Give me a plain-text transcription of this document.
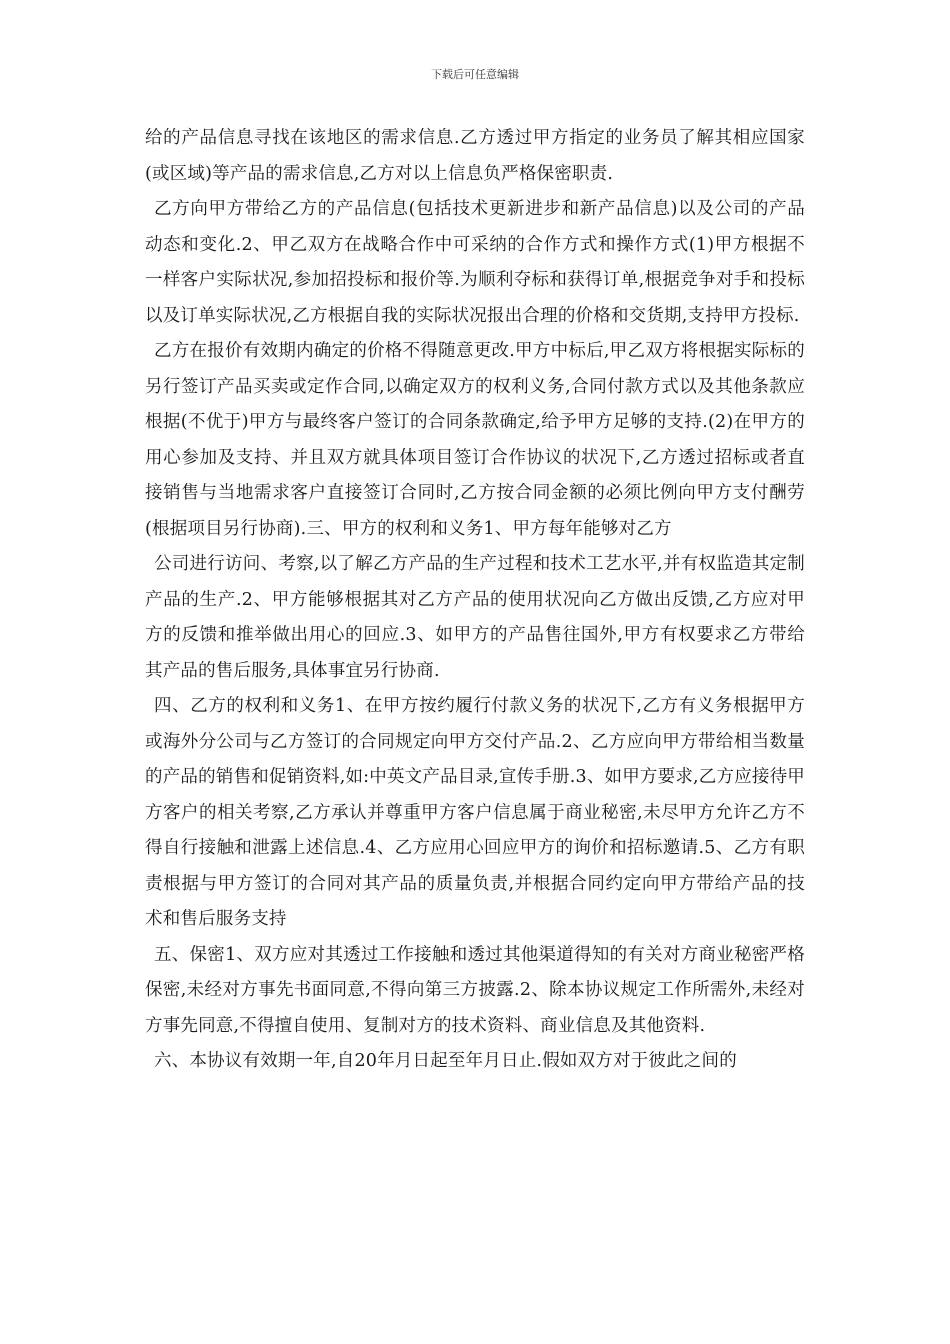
下载后可任意编辑

给的产品信息寻找在该地区的需求信息.乙方透过甲方指定的业务员了解其相应国家(或区域)等产品的需求信息,乙方对以上信息负严格保密职责.

乙方向甲方带给乙方的产品信息(包括技术更新进步和新产品信息)以及公司的产品动态和变化.2、甲乙双方在战略合作中可采纳的合作方式和操作方式(1)甲方根据不一样客户实际状况,参加招投标和报价等.为顺利夺标和获得订单,根据竞争对手和投标以及订单实际状况,乙方根据自我的实际状况报出合理的价格和交货期,支持甲方投标.

乙方在报价有效期内确定的价格不得随意更改.甲方中标后,甲乙双方将根据实际标的另行签订产品买卖或定作合同,以确定双方的权利义务,合同付款方式以及其他条款应根据(不优于)甲方与最终客户签订的合同条款确定,给予甲方足够的支持.(2)在甲方的用心参加及支持、并且双方就具体项目签订合作协议的状况下,乙方透过招标或者直接销售与当地需求客户直接签订合同时,乙方按合同金额的必须比例向甲方支付酬劳(根据项目另行协商).三、甲方的权利和义务1、甲方每年能够对乙方

公司进行访问、考察,以了解乙方产品的生产过程和技术工艺水平,并有权监造其定制产品的生产.2、甲方能够根据其对乙方产品的使用状况向乙方做出反馈,乙方应对甲方的反馈和推举做出用心的回应.3、如甲方的产品售往国外,甲方有权要求乙方带给其产品的售后服务,具体事宜另行协商.

四、乙方的权利和义务1、在甲方按约履行付款义务的状况下,乙方有义务根据甲方或海外分公司与乙方签订的合同规定向甲方交付产品.2、乙方应向甲方带给相当数量的产品的销售和促销资料,如:中英文产品目录,宣传手册.3、如甲方要求,乙方应接待甲方客户的相关考察,乙方承认并尊重甲方客户信息属于商业秘密,未尽甲方允许乙方不得自行接触和泄露上述信息.4、乙方应用心回应甲方的询价和招标邀请.5、乙方有职责根据与甲方签订的合同对其产品的质量负责,并根据合同约定向甲方带给产品的技术和售后服务支持

五、保密1、双方应对其透过工作接触和透过其他渠道得知的有关对方商业秘密严格保密,未经对方事先书面同意,不得向第三方披露.2、除本协议规定工作所需外,未经对方事先同意,不得擅自使用、复制对方的技术资料、商业信息及其他资料.

六、本协议有效期一年,自20年月日起至年月日止.假如双方对于彼此之间的
